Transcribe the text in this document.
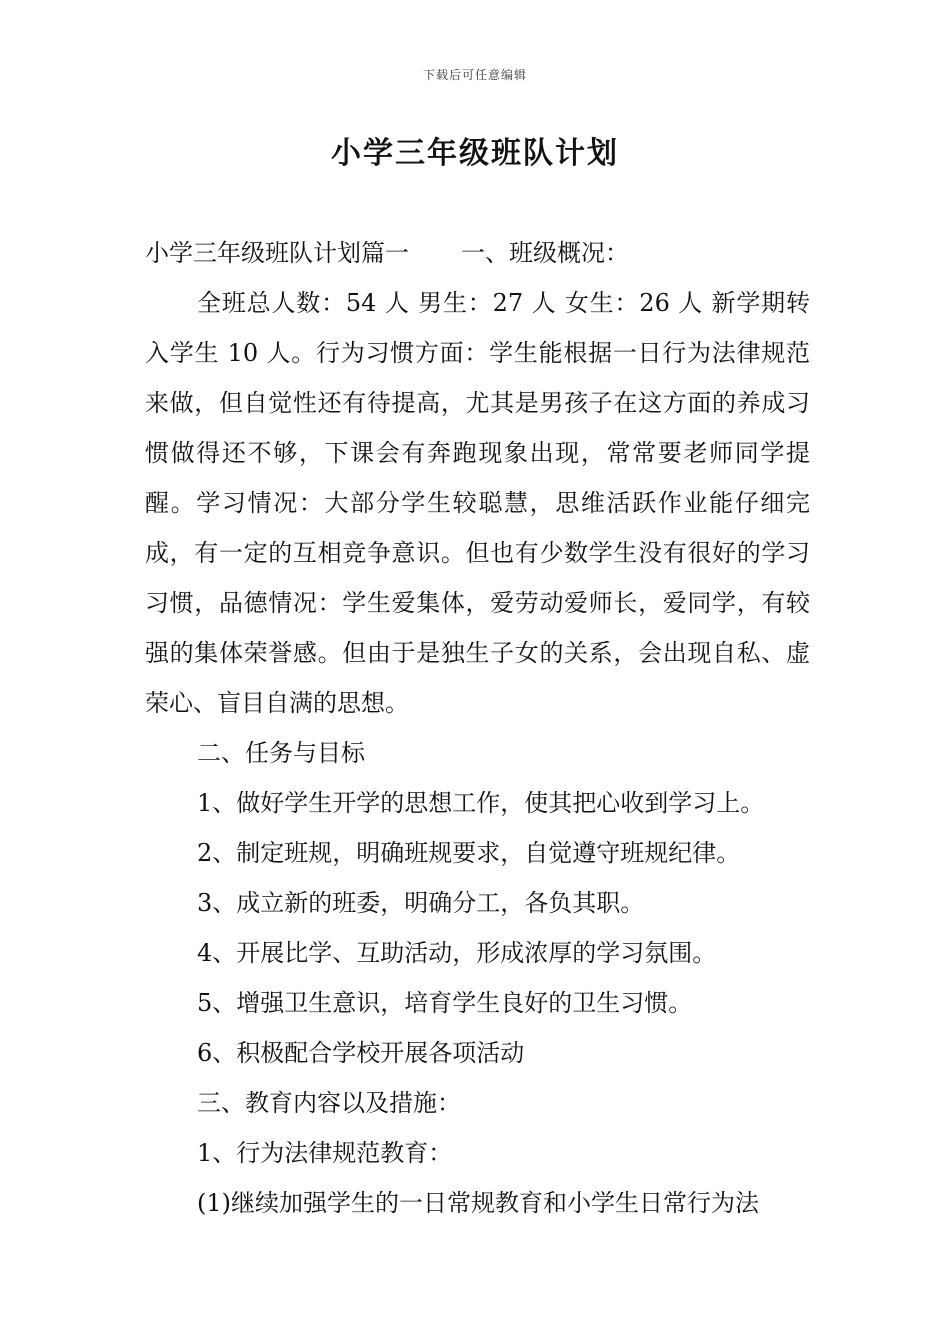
下载后可任意编辑
小学三年级班队计划

小学三年级班队计划篇一 一、班级概况：

全班总人数：54 人 男生：27 人 女生：26 人 新学期转入学生 10 人。行为习惯方面：学生能根据一日行为法律规范来做，但自觉性还有待提高，尤其是男孩子在这方面的养成习惯做得还不够，下课会有奔跑现象出现，常常要老师同学提醒。学习情况：大部分学生较聪慧，思维活跃作业能仔细完成，有一定的互相竞争意识。但也有少数学生没有很好的学习习惯，品德情况：学生爱集体，爱劳动爱师长，爱同学，有较强的集体荣誉感。但由于是独生子女的关系，会出现自私、虚荣心、盲目自满的思想。

二、任务与目标

1、做好学生开学的思想工作，使其把心收到学习上。

2、制定班规，明确班规要求，自觉遵守班规纪律。

3、成立新的班委，明确分工，各负其职。

4、开展比学、互助活动，形成浓厚的学习氛围。

5、增强卫生意识，培育学生良好的卫生习惯。

6、积极配合学校开展各项活动

三、教育内容以及措施：

1、行为法律规范教育：

(1)继续加强学生的一日常规教育和小学生日常行为法
